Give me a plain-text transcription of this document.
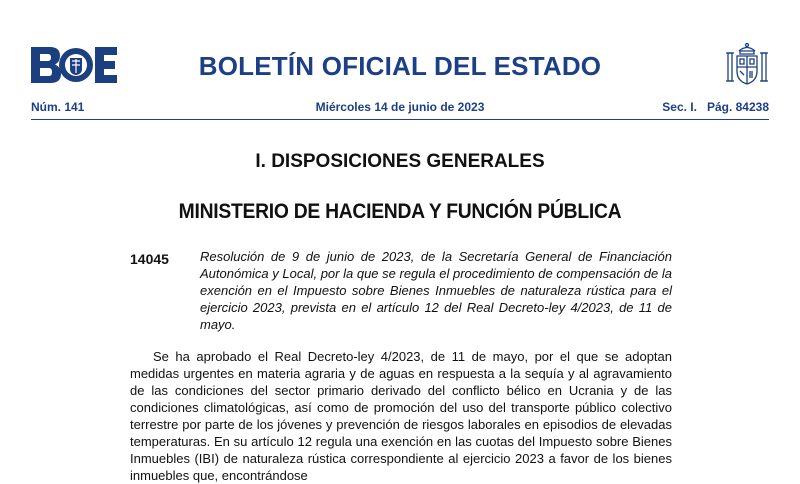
BOLETÍN OFICIAL DEL ESTADO
Núm. 141	Miércoles 14 de junio de 2023	Sec. I. Pág. 84238
I. DISPOSICIONES GENERALES
MINISTERIO DE HACIENDA Y FUNCIÓN PÚBLICA
14045 Resolución de 9 de junio de 2023, de la Secretaría General de Financiación Autonómica y Local, por la que se regula el procedimiento de compensación de la exención en el Impuesto sobre Bienes Inmuebles de naturaleza rústica para el ejercicio 2023, prevista en el artículo 12 del Real Decreto-ley 4/2023, de 11 de mayo.

Se ha aprobado el Real Decreto-ley 4/2023, de 11 de mayo, por el que se adoptan medidas urgentes en materia agraria y de aguas en respuesta a la sequía y al agravamiento de las condiciones del sector primario derivado del conflicto bélico en Ucrania y de las condiciones climatológicas, así como de promoción del uso del transporte público colectivo terrestre por parte de los jóvenes y prevención de riesgos laborales en episodios de elevadas temperaturas. En su artículo 12 regula una exención en las cuotas del Impuesto sobre Bienes Inmuebles (IBI) de naturaleza rústica correspondiente al ejercicio 2023 a favor de los bienes inmuebles que, encontrándose
